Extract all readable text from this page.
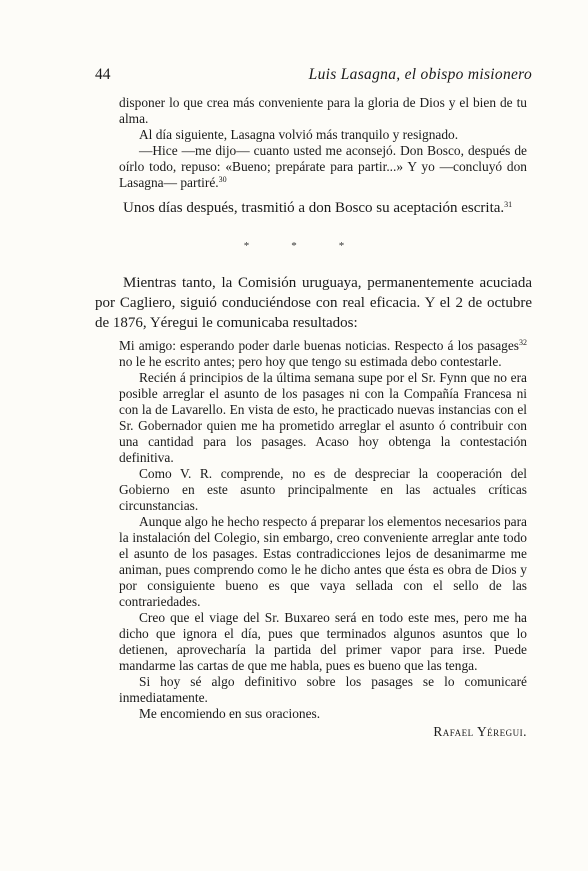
44	Luis Lasagna, el obispo misionero

disponer lo que crea más conveniente para la gloria de Dios y el bien de tu alma.

Al día siguiente, Lasagna volvió más tranquilo y resignado.

—Hice —me dijo— cuanto usted me aconsejó. Don Bosco, después de oírlo todo, repuso: «Bueno; prepárate para partir...» Y yo —concluyó don Lasagna— partiré.$^{30}$

Unos días después, trasmitió a don Bosco su aceptación escrita.$^{31}$

*	*	*

Mientras tanto, la Comisión uruguaya, permanentemente acuciada por Cagliero, siguió conduciéndose con real eficacia. Y el 2 de octubre de 1876, Yéregui le comunicaba resultados:

Mi amigo: esperando poder darle buenas noticias. Respecto á los pasages$^{32}$ no le he escrito antes; pero hoy que tengo su estimada debo contestarle.

Recién á principios de la última semana supe por el Sr. Fynn que no era posible arreglar el asunto de los pasages ni con la Compañía Francesa ni con la de Lavarello. En vista de esto, he practicado nuevas instancias con el Sr. Gobernador quien me ha prometido arreglar el asunto ó contribuir con una cantidad para los pasages. Acaso hoy obtenga la contestación definitiva.

Como V. R. comprende, no es de despreciar la cooperación del Gobierno en este asunto principalmente en las actuales críticas circunstancias.

Aunque algo he hecho respecto á preparar los elementos necesarios para la instalación del Colegio, sin embargo, creo conveniente arreglar ante todo el asunto de los pasages. Estas contradicciones lejos de desanimarme me animan, pues comprendo como le he dicho antes que ésta es obra de Dios y por consiguiente bueno es que vaya sellada con el sello de las contrariedades.

Creo que el viage del Sr. Buxareo será en todo este mes, pero me ha dicho que ignora el día, pues que terminados algunos asuntos que lo detienen, aprovecharía la partida del primer vapor para irse. Puede mandarme las cartas de que me habla, pues es bueno que las tenga.

Si hoy sé algo definitivo sobre los pasages se lo comunicaré inmediatamente.

Me encomiendo en sus oraciones.

Rafael Yéregui.
